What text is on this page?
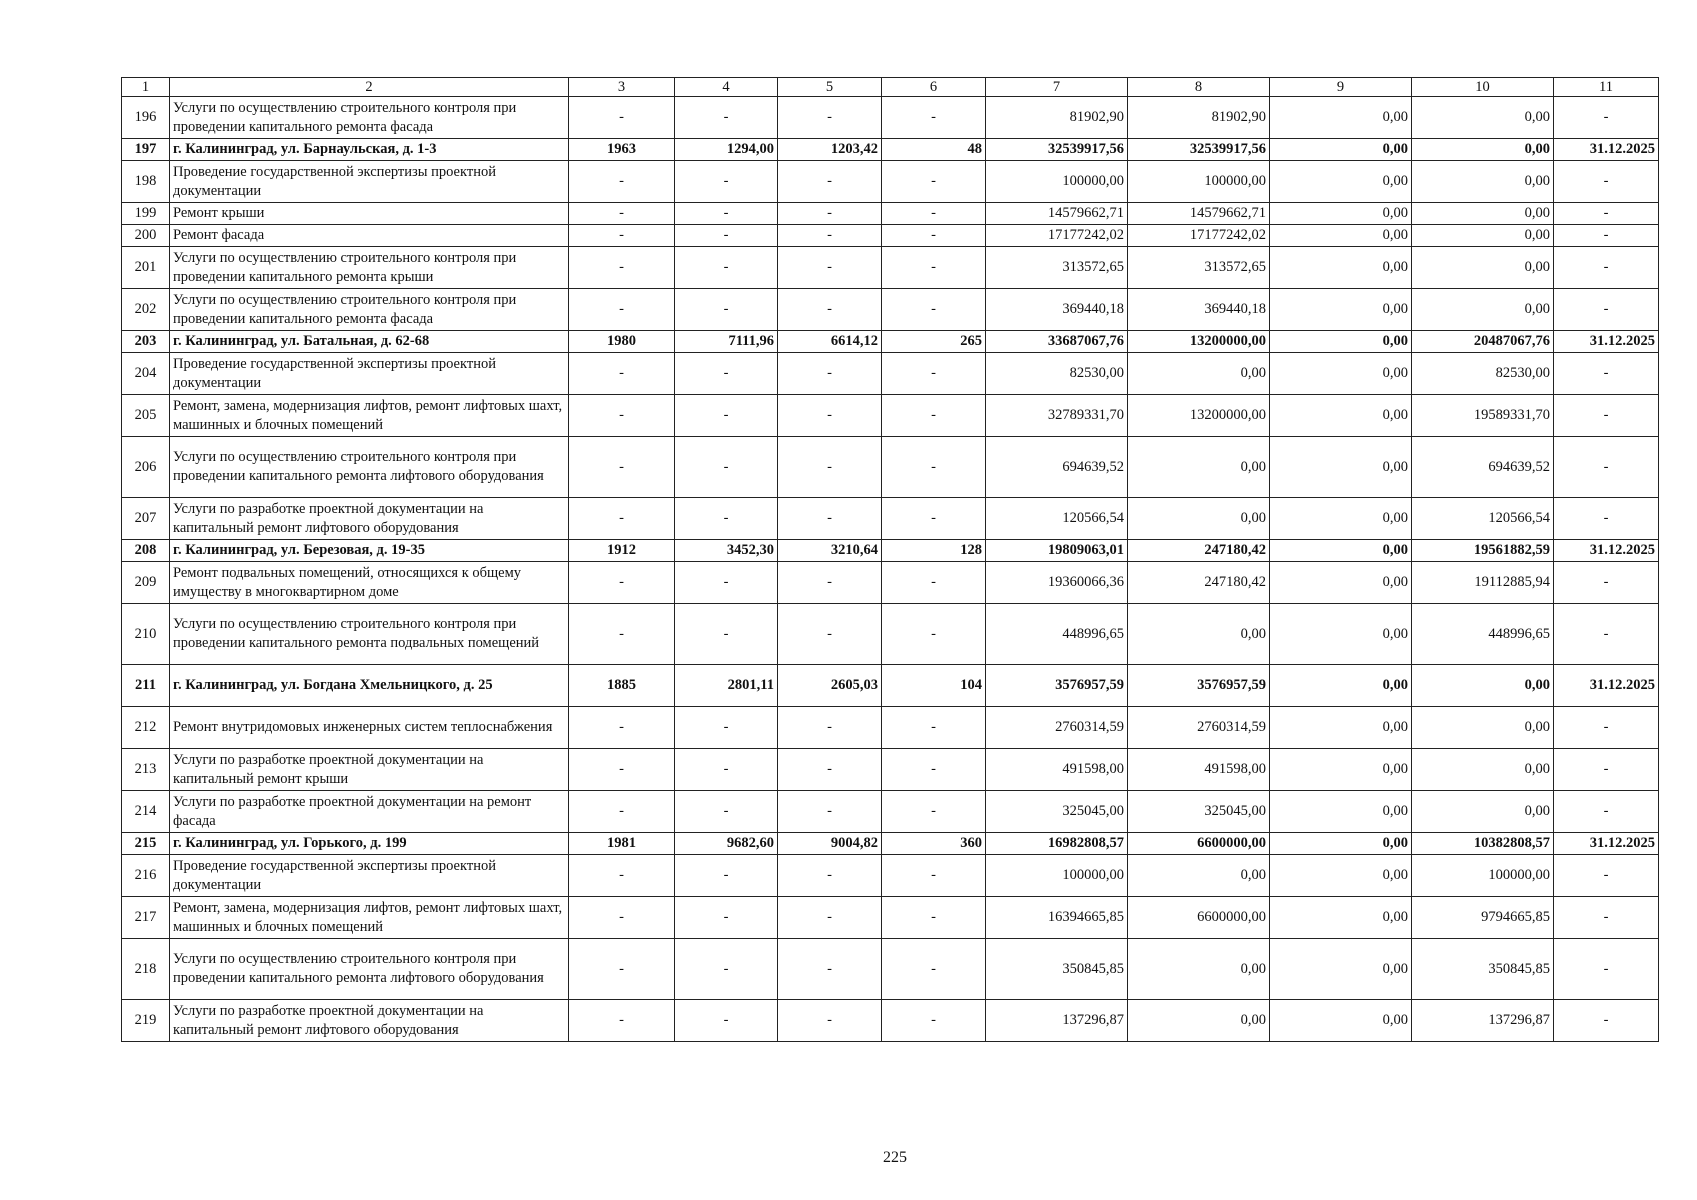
1	2	3	4	5	6	7	8	9	10	11
196	Услуги по осуществлению строительного контроля при проведении капитального ремонта фасада	-	-	-	-	81902,90	81902,90	0,00	0,00	-
197	г. Калининград, ул. Барнаульская, д. 1-3	1963	1294,00	1203,42	48	32539917,56	32539917,56	0,00	0,00	31.12.2025
198	Проведение государственной экспертизы проектной документации	-	-	-	-	100000,00	100000,00	0,00	0,00	-
199	Ремонт крыши	-	-	-	-	14579662,71	14579662,71	0,00	0,00	-
200	Ремонт фасада	-	-	-	-	17177242,02	17177242,02	0,00	0,00	-
201	Услуги по осуществлению строительного контроля при проведении капитального ремонта крыши	-	-	-	-	313572,65	313572,65	0,00	0,00	-
202	Услуги по осуществлению строительного контроля при проведении капитального ремонта фасада	-	-	-	-	369440,18	369440,18	0,00	0,00	-
203	г. Калининград, ул. Батальная, д. 62-68	1980	7111,96	6614,12	265	33687067,76	13200000,00	0,00	20487067,76	31.12.2025
204	Проведение государственной экспертизы проектной документации	-	-	-	-	82530,00	0,00	0,00	82530,00	-
205	Ремонт, замена, модернизация лифтов, ремонт лифтовых шахт, машинных и блочных помещений	-	-	-	-	32789331,70	13200000,00	0,00	19589331,70	-
206	Услуги по осуществлению строительного контроля при проведении капитального ремонта лифтового оборудования	-	-	-	-	694639,52	0,00	0,00	694639,52	-
207	Услуги по разработке проектной документации на капитальный ремонт лифтового оборудования	-	-	-	-	120566,54	0,00	0,00	120566,54	-
208	г. Калининград, ул. Березовая, д. 19-35	1912	3452,30	3210,64	128	19809063,01	247180,42	0,00	19561882,59	31.12.2025
209	Ремонт подвальных помещений, относящихся к общему имуществу в многоквартирном доме	-	-	-	-	19360066,36	247180,42	0,00	19112885,94	-
210	Услуги по осуществлению строительного контроля при проведении капитального ремонта подвальных помещений	-	-	-	-	448996,65	0,00	0,00	448996,65	-
211	г. Калининград, ул. Богдана Хмельницкого, д. 25	1885	2801,11	2605,03	104	3576957,59	3576957,59	0,00	0,00	31.12.2025
212	Ремонт внутридомовых инженерных систем теплоснабжения	-	-	-	-	2760314,59	2760314,59	0,00	0,00	-
213	Услуги по разработке проектной документации на капитальный ремонт крыши	-	-	-	-	491598,00	491598,00	0,00	0,00	-
214	Услуги по разработке проектной документации на ремонт фасада	-	-	-	-	325045,00	325045,00	0,00	0,00	-
215	г. Калининград, ул. Горького, д. 199	1981	9682,60	9004,82	360	16982808,57	6600000,00	0,00	10382808,57	31.12.2025
216	Проведение государственной экспертизы проектной документации	-	-	-	-	100000,00	0,00	0,00	100000,00	-
217	Ремонт, замена, модернизация лифтов, ремонт лифтовых шахт, машинных и блочных помещений	-	-	-	-	16394665,85	6600000,00	0,00	9794665,85	-
218	Услуги по осуществлению строительного контроля при проведении капитального ремонта лифтового оборудования	-	-	-	-	350845,85	0,00	0,00	350845,85	-
219	Услуги по разработке проектной документации на капитальный ремонт лифтового оборудования	-	-	-	-	137296,87	0,00	0,00	137296,87	-
225
